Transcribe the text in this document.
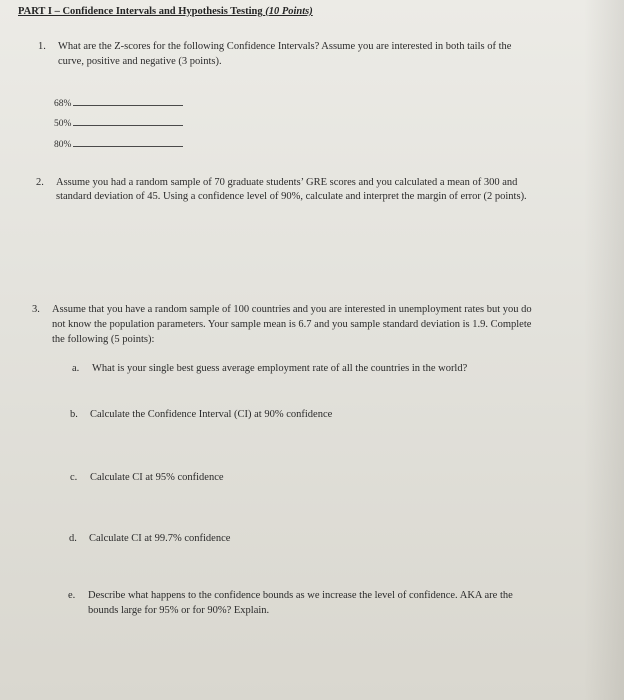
PART I – Confidence Intervals and Hypothesis Testing (10 Points)
1. What are the Z-scores for the following Confidence Intervals? Assume you are interested in both tails of the
curve, positive and negative (3 points).
68%
50%
80%
2. Assume you had a random sample of 70 graduate students’ GRE scores and you calculated a mean of 300 and
standard deviation of 45. Using a confidence level of 90%, calculate and interpret the margin of error (2 points).
3. Assume that you have a random sample of 100 countries and you are interested in unemployment rates but you do
not know the population parameters. Your sample mean is 6.7 and you sample standard deviation is 1.9. Complete
the following (5 points):
a. What is your single best guess average employment rate of all the countries in the world?
b. Calculate the Confidence Interval (CI) at 90% confidence
c. Calculate CI at 95% confidence
d. Calculate CI at 99.7% confidence
e. Describe what happens to the confidence bounds as we increase the level of confidence. AKA are the
bounds large for 95% or for 90%? Explain.
